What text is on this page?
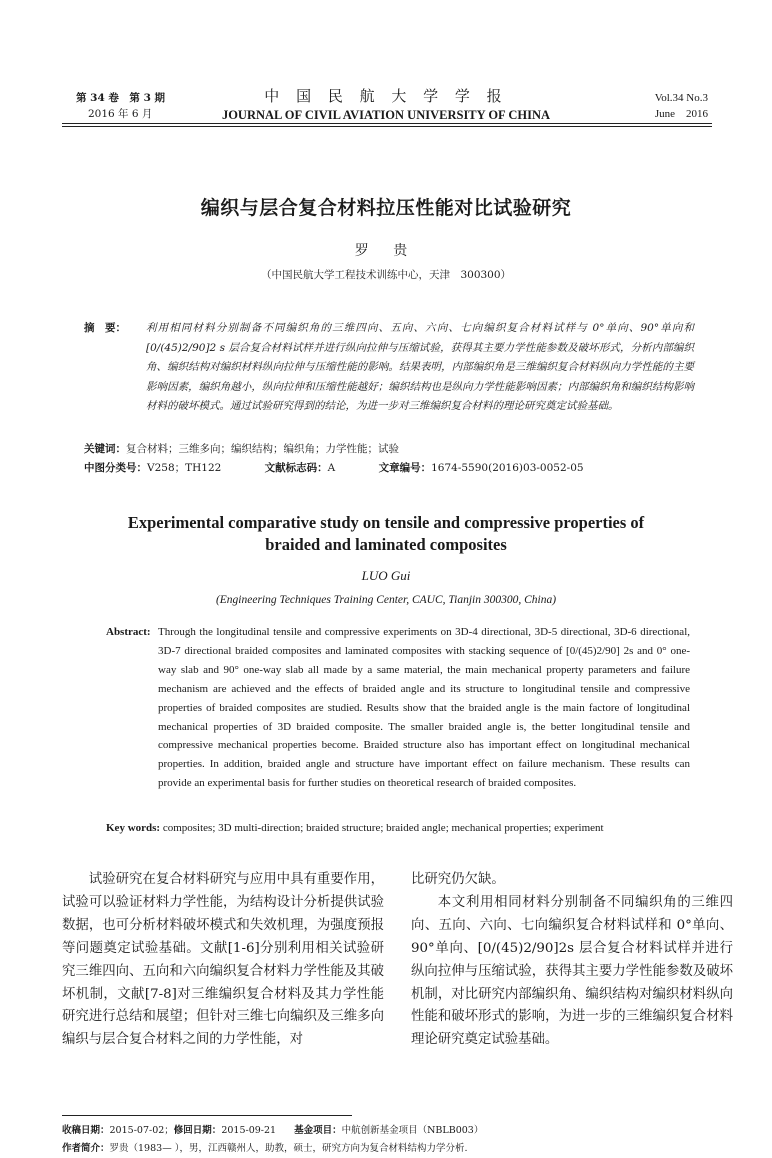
第 34 卷　第 3 期
2016 年 6 月
中 国 民 航 大 学 学 报
JOURNAL OF CIVIL AVIATION UNIVERSITY OF CHINA
Vol.34 No.3
June　2016
编织与层合复合材料拉压性能对比试验研究
罗 贵
（中国民航大学工程技术训练中心，天津　300300）
摘　要： 利用相同材料分别制备不同编织角的三维四向、五向、六向、七向编织复合材料试样与 0°单向、90°单向和[0/(45)2/90]2 s 层合复合材料试样并进行纵向拉伸与压缩试验，获得其主要力学性能参数及破坏形式，分析内部编织角、编织结构对编织材料纵向拉伸与压缩性能的影响。结果表明，内部编织角是三维编织复合材料纵向力学性能的主要影响因素，编织角越小，纵向拉伸和压缩性能越好；编织结构也是纵向力学性能影响因素；内部编织角和编织结构影响材料的破坏模式。通过试验研究得到的结论，为进一步对三维编织复合材料的理论研究奠定试验基础。
关键词：复合材料；三维多向；编织结构；编织角；力学性能；试验
中图分类号：V258；TH122	文献标志码：A	文章编号：1674-5590(2016)03-0052-05
Experimental comparative study on tensile and compressive properties of
braided and laminated composites
LUO Gui
(Engineering Techniques Training Center, CAUC, Tianjin 300300, China)
Abstract: Through the longitudinal tensile and compressive experiments on 3D-4 directional, 3D-5 directional, 3D-6 directional, 3D-7 directional braided composites and laminated composites with stacking sequence of [0/(45)2/90] 2s and 0° one-way slab and 90° one-way slab all made by a same material, the main mechanical property parameters and failure mechanism are achieved and the effects of braided angle and its structure to longitudinal tensile and compressive properties of braided composites are studied. Results show that the braided angle is the main factore of longitudinal mechanical properties of 3D braided composite. The smaller braided angle is, the better longitudinal tensile and compressive mechanical properties become. Braided structure also has important effect on longitudinal mechanical properties. In addition, braided angle and structure have important effect on failure mechanism. These results can provide an experimental basis for further studies on theoretical research of braided composites.
Key words: composites; 3D multi-direction; braided structure; braided angle; mechanical properties; experiment

试验研究在复合材料研究与应用中具有重要作用，试验可以验证材料力学性能，为结构设计分析提供试验数据，也可分析材料破坏模式和失效机理，为强度预报等问题奠定试验基础。文献[1-6]分别利用相关试验研究三维四向、五向和六向编织复合材料力学性能及其破坏机制，文献[7-8]对三维编织复合材料及其力学性能研究进行总结和展望；但针对三维七向编织及三维多向编织与层合复合材料之间的力学性能，对

比研究仍欠缺。

本文利用相同材料分别制备不同编织角的三维四向、五向、六向、七向编织复合材料试样和 0°单向、90°单向、[0/(45)2/90]2s 层合复合材料试样并进行纵向拉伸与压缩试验，获得其主要力学性能参数及破坏机制，对比研究内部编织角、编织结构对编织材料纵向性能和破坏形式的影响，为进一步的三维编织复合材料理论研究奠定试验基础。

收稿日期：2015-07-02；修回日期：2015-09-21 基金项目：中航创新基金项目（NBLB003）
作者简介：罗贵（1983— ），男，江西赣州人，助教，硕士，研究方向为复合材料结构力学分析.
